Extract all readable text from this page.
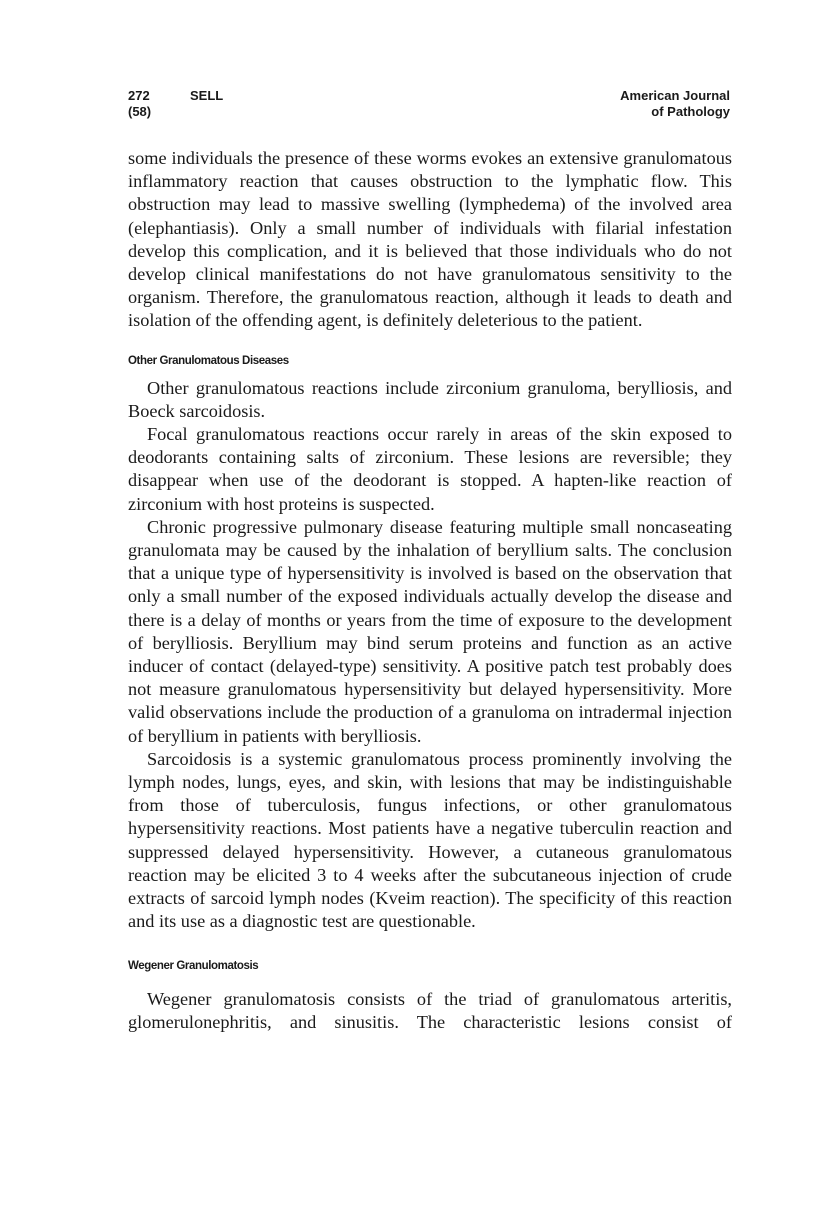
272
(58)
SELL	American Journal
of Pathology

some individuals the presence of these worms evokes an extensive granulomatous inflammatory reaction that causes obstruction to the lymphatic flow. This obstruction may lead to massive swelling (lymphedema) of the involved area (elephantiasis). Only a small number of individuals with filarial infestation develop this complication, and it is believed that those individuals who do not develop clinical manifestations do not have granulomatous sensitivity to the organism. Therefore, the granulomatous reaction, although it leads to death and isolation of the offending agent, is definitely deleterious to the patient.

Other Granulomatous Diseases

Other granulomatous reactions include zirconium granuloma, berylliosis, and Boeck sarcoidosis.

Focal granulomatous reactions occur rarely in areas of the skin exposed to deodorants containing salts of zirconium. These lesions are reversible; they disappear when use of the deodorant is stopped. A hapten-like reaction of zirconium with host proteins is suspected.

Chronic progressive pulmonary disease featuring multiple small noncaseating granulomata may be caused by the inhalation of beryllium salts. The conclusion that a unique type of hypersensitivity is involved is based on the observation that only a small number of the exposed individuals actually develop the disease and there is a delay of months or years from the time of exposure to the development of berylliosis. Beryllium may bind serum proteins and function as an active inducer of contact (delayed-type) sensitivity. A positive patch test probably does not measure granulomatous hypersensitivity but delayed hypersensitivity. More valid observations include the production of a granuloma on intradermal injection of beryllium in patients with berylliosis.

Sarcoidosis is a systemic granulomatous process prominently involving the lymph nodes, lungs, eyes, and skin, with lesions that may be indistinguishable from those of tuberculosis, fungus infections, or other granulomatous hypersensitivity reactions. Most patients have a negative tuberculin reaction and suppressed delayed hypersensitivity. However, a cutaneous granulomatous reaction may be elicited 3 to 4 weeks after the subcutaneous injection of crude extracts of sarcoid lymph nodes (Kveim reaction). The specificity of this reaction and its use as a diagnostic test are questionable.

Wegener Granulomatosis

Wegener granulomatosis consists of the triad of granulomatous arteritis, glomerulonephritis, and sinusitis. The characteristic lesions consist of
